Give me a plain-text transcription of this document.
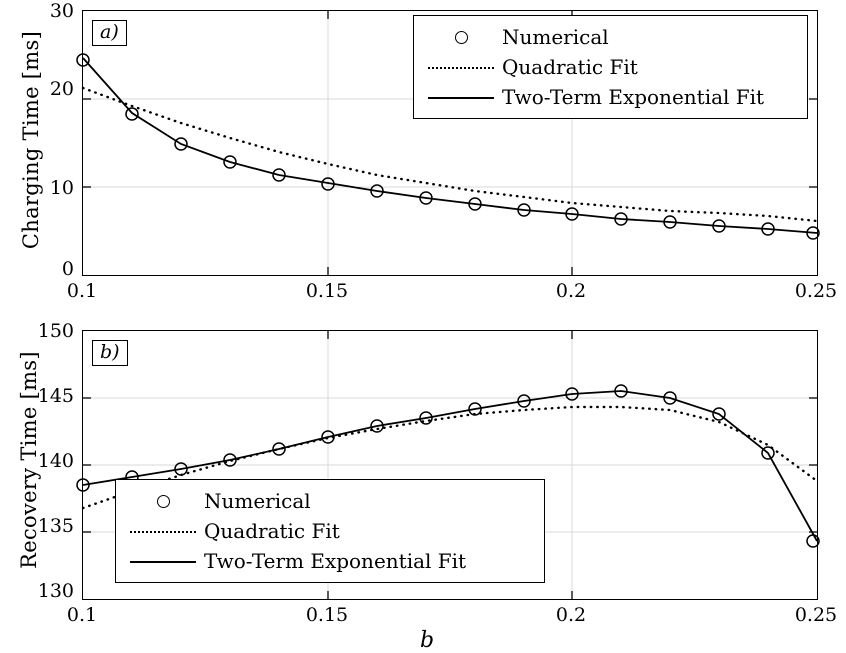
Charging Time [ms]
30
20
10
0
a)	Numerical
Quadratic Fit
Two-Term Exponential Fit
0.1	0.15	0.2	0.25
Recovery Time [ms]
150
145
140
135
130
b)
Numerical
Quadratic Fit
Two-Term Exponential Fit
0.1	0.15	0.2	0.25
b
